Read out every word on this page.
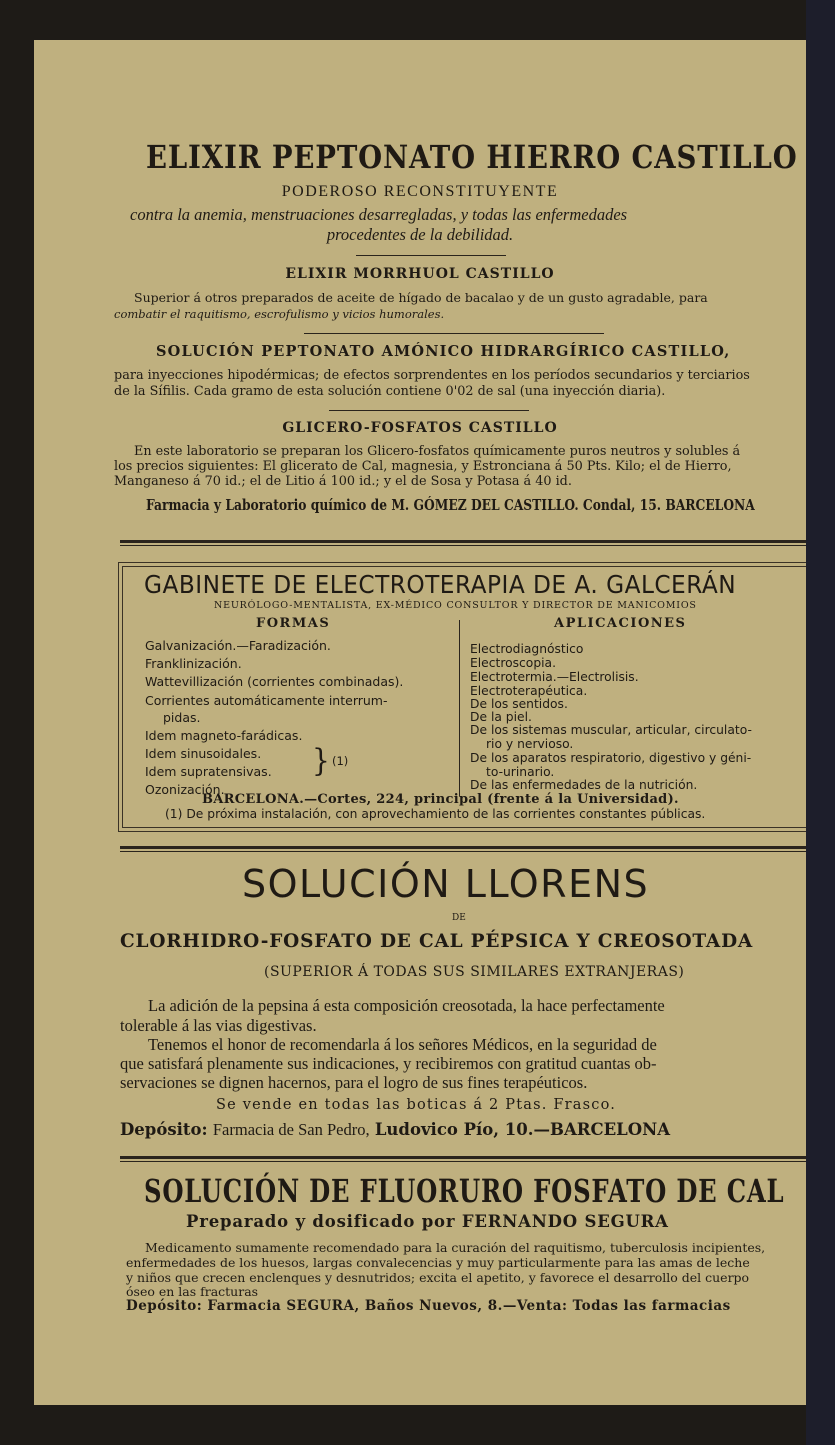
ELIXIR PEPTONATO HIERRO CASTILLO
PODEROSO RECONSTITUYENTE
contra la anemia, menstruaciones desarregladas, y todas las enfermedades
procedentes de la debilidad.
ELIXIR MORRHUOL CASTILLO
Superior á otros preparados de aceite de hígado de bacalao y de un gusto agradable, para
combatir el raquitismo, escrofulismo y vicios humorales.
SOLUCIÓN PEPTONATO AMÓNICO HIDRARGÍRICO CASTILLO,
para inyecciones hipodérmicas; de efectos sorprendentes en los períodos secundarios y terciarios
de la Sífilis. Cada gramo de esta solución contiene 0'02 de sal (una inyección diaria).
GLICERO-FOSFATOS CASTILLO
En este laboratorio se preparan los Glicero-fosfatos químicamente puros neutros y solubles á
los precios siguientes: El glicerato de Cal, magnesia, y Estronciana á 50 Pts. Kilo; el de Hierro,
Manganeso á 70 id.; el de Litio á 100 id.; y el de Sosa y Potasa á 40 id.
Farmacia y Laboratorio químico de M. GÓMEZ DEL CASTILLO. Condal, 15. BARCELONA
GABINETE DE ELECTROTERAPIA DE A. GALCERÁN
NEURÓLOGO-MENTALISTA, EX-MÉDICO CONSULTOR Y DIRECTOR DE MANICOMIOS
FORMAS	APLICACIONES
Galvanización.—Faradización.
Franklinización.
Wattevillización (corrientes combinadas).
Corrientes automáticamente interrum-
pidas.
Idem magneto-farádicas.
Idem sinusoidales.
Idem supratensivas.
Ozonización.
} (1)
Electrodiagnóstico
Electroscopia.
Electrotermia.—Electrolisis.
Electroterapéutica.
De los sentidos.
De la piel.
De los sistemas muscular, articular, circulato-
rio y nervioso.
De los aparatos respiratorio, digestivo y géni-
to-urinario.
De las enfermedades de la nutrición.
BARCELONA.—Cortes, 224, principal (frente á la Universidad).
(1) De próxima instalación, con aprovechamiento de las corrientes constantes públicas.
SOLUCIÓN LLORENS
DE
CLORHIDRO-FOSFATO DE CAL PÉPSICA Y CREOSOTADA
(SUPERIOR Á TODAS SUS SIMILARES EXTRANJERAS)
La adición de la pepsina á esta composición creosotada, la hace perfectamente
tolerable á las vias digestivas.
Tenemos el honor de recomendarla á los señores Médicos, en la seguridad de
que satisfará plenamente sus indicaciones, y recibiremos con gratitud cuantas ob-
servaciones se dignen hacernos, para el logro de sus fines terapéuticos.
Se vende en todas las boticas á 2 Ptas. Frasco.
Depósito: Farmacia de San Pedro, Ludovico Pío, 10.—BARCELONA
SOLUCIÓN DE FLUORURO FOSFATO DE CAL
Preparado y dosificado por FERNANDO SEGURA
Medicamento sumamente recomendado para la curación del raquitismo, tuberculosis incipientes,
enfermedades de los huesos, largas convalecencias y muy particularmente para las amas de leche
y niños que crecen enclenques y desnutridos; excita el apetito, y favorece el desarrollo del cuerpo
óseo en las fracturas
Depósito: Farmacia SEGURA, Baños Nuevos, 8.—Venta: Todas las farmacias
